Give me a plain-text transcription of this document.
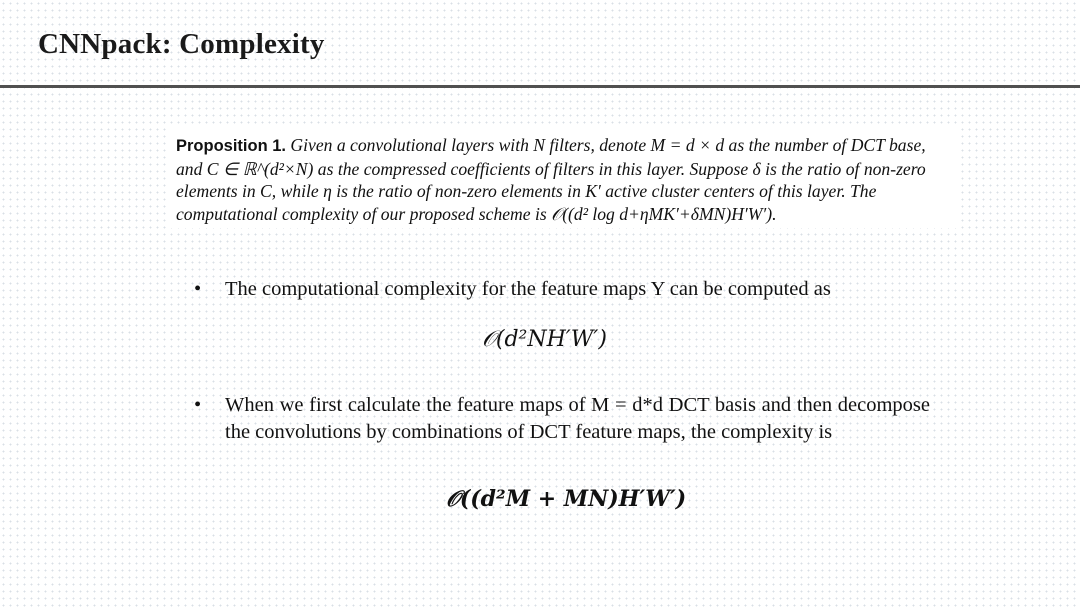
CNNpack: Complexity
Proposition 1. Given a convolutional layers with N filters, denote M = d × d as the number of DCT base, and C ∈ ℝ^(d²×N) as the compressed coefficients of filters in this layer. Suppose δ is the ratio of non-zero elements in C, while η is the ratio of non-zero elements in K′ active cluster centers of this layer. The computational complexity of our proposed scheme is 𝒪((d² log d+ηMK′+δMN)H′W′).
• The computational complexity for the feature maps Y can be computed as
𝒪(d²NH′W′)
• When we first calculate the feature maps of M = d*d DCT basis and then decompose the convolutions by combinations of DCT feature maps, the complexity is
𝒪((d²M + MN)H′W′)
